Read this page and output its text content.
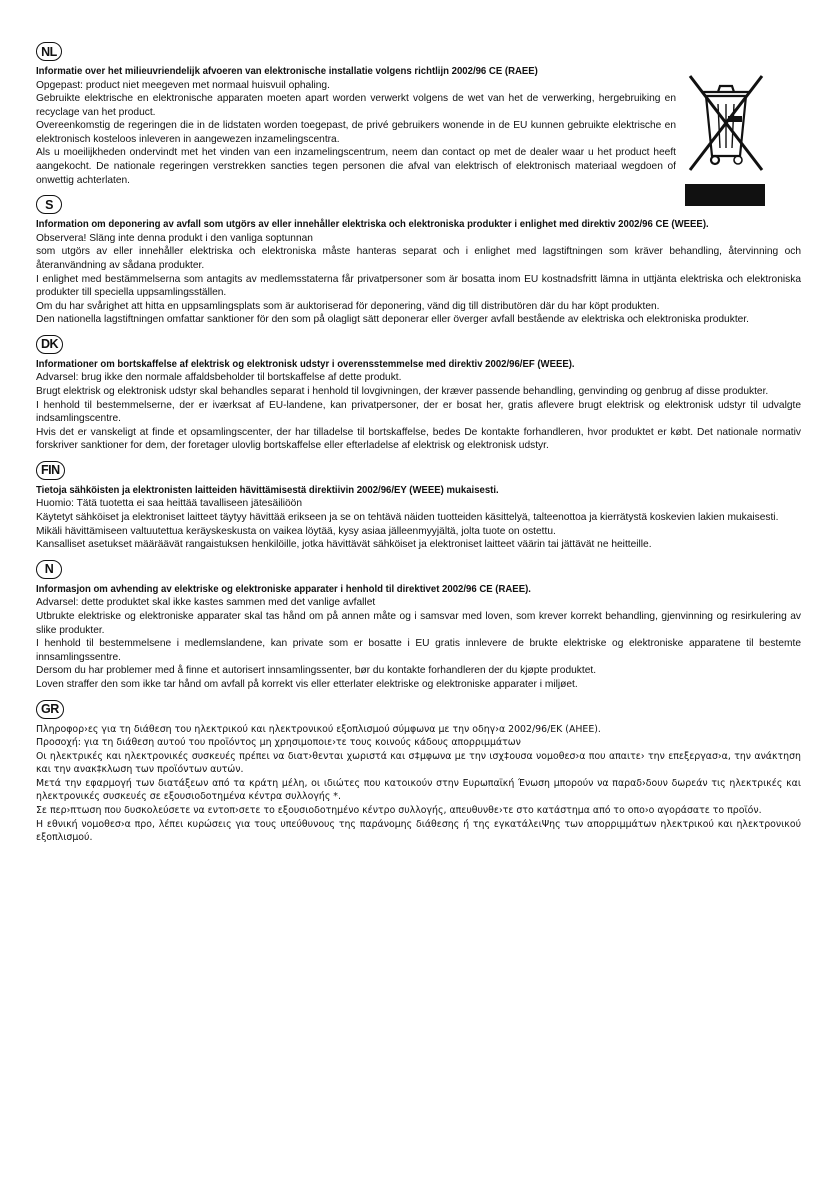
NL
Informatie over het milieuvriendelijk afvoeren van elektronische installatie volgens richtlijn 2002/96 CE (RAEE)
Opgepast: product niet meegeven met normaal huisvuil ophaling.
Gebruikte elektrische en elektronische apparaten moeten apart worden verwerkt volgens de wet van het de verwerking, hergebruiking en recyclage van het product.
Overeenkomstig de regeringen die in de lidstaten worden toegepast, de privé gebruikers wonende in de EU kunnen gebruikte elektrische en elektronisch kosteloos inleveren in aangewezen inzamelingscentra.
Als u moeilijkheden ondervindt met het vinden van een inzamelingscentrum, neem dan contact op met de dealer waar u het product heeft aangekocht. De nationale regeringen verstrekken sancties tegen personen die afval van elektrisch of elektronisch materiaal wegdoen of onwettig achterlaten.
S
Information om deponering av avfall som utgörs av eller innehåller elektriska och elektroniska produkter i enlighet med direktiv 2002/96 CE (WEEE).
Observera! Släng inte denna produkt i den vanliga soptunnan
som utgörs av eller innehåller elektriska och elektroniska måste hanteras separat och i enlighet med lagstiftningen som kräver behandling, återvinning och återanvändning av sådana produkter.
I enlighet med bestämmelserna som antagits av medlemsstaterna får privatpersoner som är bosatta inom EU kostnadsfritt lämna in uttjänta elektriska och elektroniska produkter till speciella uppsamlingsställen.
Om du har svårighet att hitta en uppsamlingsplats som är auktoriserad för deponering, vänd dig till distributören där du har köpt produkten.
Den nationella lagstiftningen omfattar sanktioner för den som på olagligt sätt deponerar eller överger avfall bestående av elektriska och elektroniska produkter.
DK
Informationer om bortskaffelse af elektrisk og elektronisk udstyr i overensstemmelse med direktiv 2002/96/EF (WEEE).
Advarsel: brug ikke den normale affaldsbeholder til bortskaffelse af dette produkt.
Brugt elektrisk og elektronisk udstyr skal behandles separat i henhold til lovgivningen, der kræver passende behandling, genvinding og genbrug af disse produkter.
I henhold til bestemmelserne, der er iværksat af EU-landene, kan privatpersoner, der er bosat her, gratis aflevere brugt elektrisk og elektronisk udstyr til udvalgte indsamlingscentre.
Hvis det er vanskeligt at finde et opsamlingscenter, der har tilladelse til bortskaffelse, bedes De kontakte forhandleren, hvor produktet er købt. Det nationale normativ forskriver sanktioner for dem, der foretager ulovlig bortskaffelse eller efterladelse af elektrisk og elektronisk udstyr.
FIN
Tietoja sähköisten ja elektronisten laitteiden hävittämisestä direktiivin 2002/96/EY (WEEE) mukaisesti.
Huomio: Tätä tuotetta ei saa heittää tavalliseen jätesäiliöön
Käytetyt sähköiset ja elektroniset laitteet täytyy hävittää erikseen ja se on tehtävä näiden tuotteiden käsittelyä, talteenottoa ja kierrätystä koskevien lakien mukaisesti.
Mikäli hävittämiseen valtuutettua keräyskeskusta on vaikea löytää, kysy asiaa jälleenmyyjältä, jolta tuote on ostettu.
Kansalliset asetukset määräävät rangaistuksen henkilöille, jotka hävittävät sähköiset ja elektroniset laitteet väärin tai jättävät ne heitteille.
N
Informasjon om avhending av elektriske og elektroniske apparater i henhold til direktivet 2002/96 CE (RAEE).
Advarsel: dette produktet skal ikke kastes sammen med det vanlige avfallet
Utbrukte elektriske og elektroniske apparater skal tas hånd om på annen måte og i samsvar med loven, som krever korrekt behandling, gjenvinning og resirkulering av slike produkter.
I henhold til bestemmelsene i medlemslandene, kan private som er bosatte i EU gratis innlevere de brukte elektriske og elektroniske apparatene til bestemte innsamlingssentre.
Dersom du har problemer med å finne et autorisert innsamlingssenter, bør du kontakte forhandleren der du kjøpte produktet.
Loven straffer den som ikke tar hånd om avfall på korrekt vis eller etterlater elektriske og elektroniske apparater i miljøet.
GR
Πληροφορ›ες για τη διάθεση του ηλεκτρικού και ηλεκτρονικού εξοπλισμού σύμφωνα με την οδηγ›α 2002/96/ΕΚ (ΑΗΕΕ).
Προσοχή: για τη διάθεση αυτού του προϊόντος μη χρησιμοποιε›τε τους κοινούς κάδους απορριμμάτων
Οι ηλεκτρικές και ηλεκτρονικές συσκευές πρέπει να διατ›θενται χωριστά και σ‡μφωνα με την ισχ‡ουσα νομοθεσ›α που απαιτε› την επεξεργασ›α, την ανάκτηση και την ανακ‡κλωση των προϊόντων αυτών.
Μετά την εφαρμογή των διατάξεων από τα κράτη μέλη, οι ιδιώτες που κατοικούν στην Ευρωπαϊκή Ένωση μπορούν να παραδ›δουν δωρεάν τις ηλεκτρικές και ηλεκτρονικές συσκευές σε εξουσιοδοτημένα κέντρα συλλογής *.
Σε περ›πτωση που δυσκολεύσετε να εντοπ›σετε το εξουσιοδοτημένο κέντρο συλλογής, απευθυνθε›τε στο κατάστημα από το οπο›ο αγοράσατε το προϊόν.
Η εθνική νομοθεσ›α προ, λέπει κυρώσεις για τους υπεύθυνους της παράνομης διάθεσης ή της εγκατάλειΨης των απορριμμάτων ηλεκτρικού και ηλεκτρονικού εξοπλισμού.
